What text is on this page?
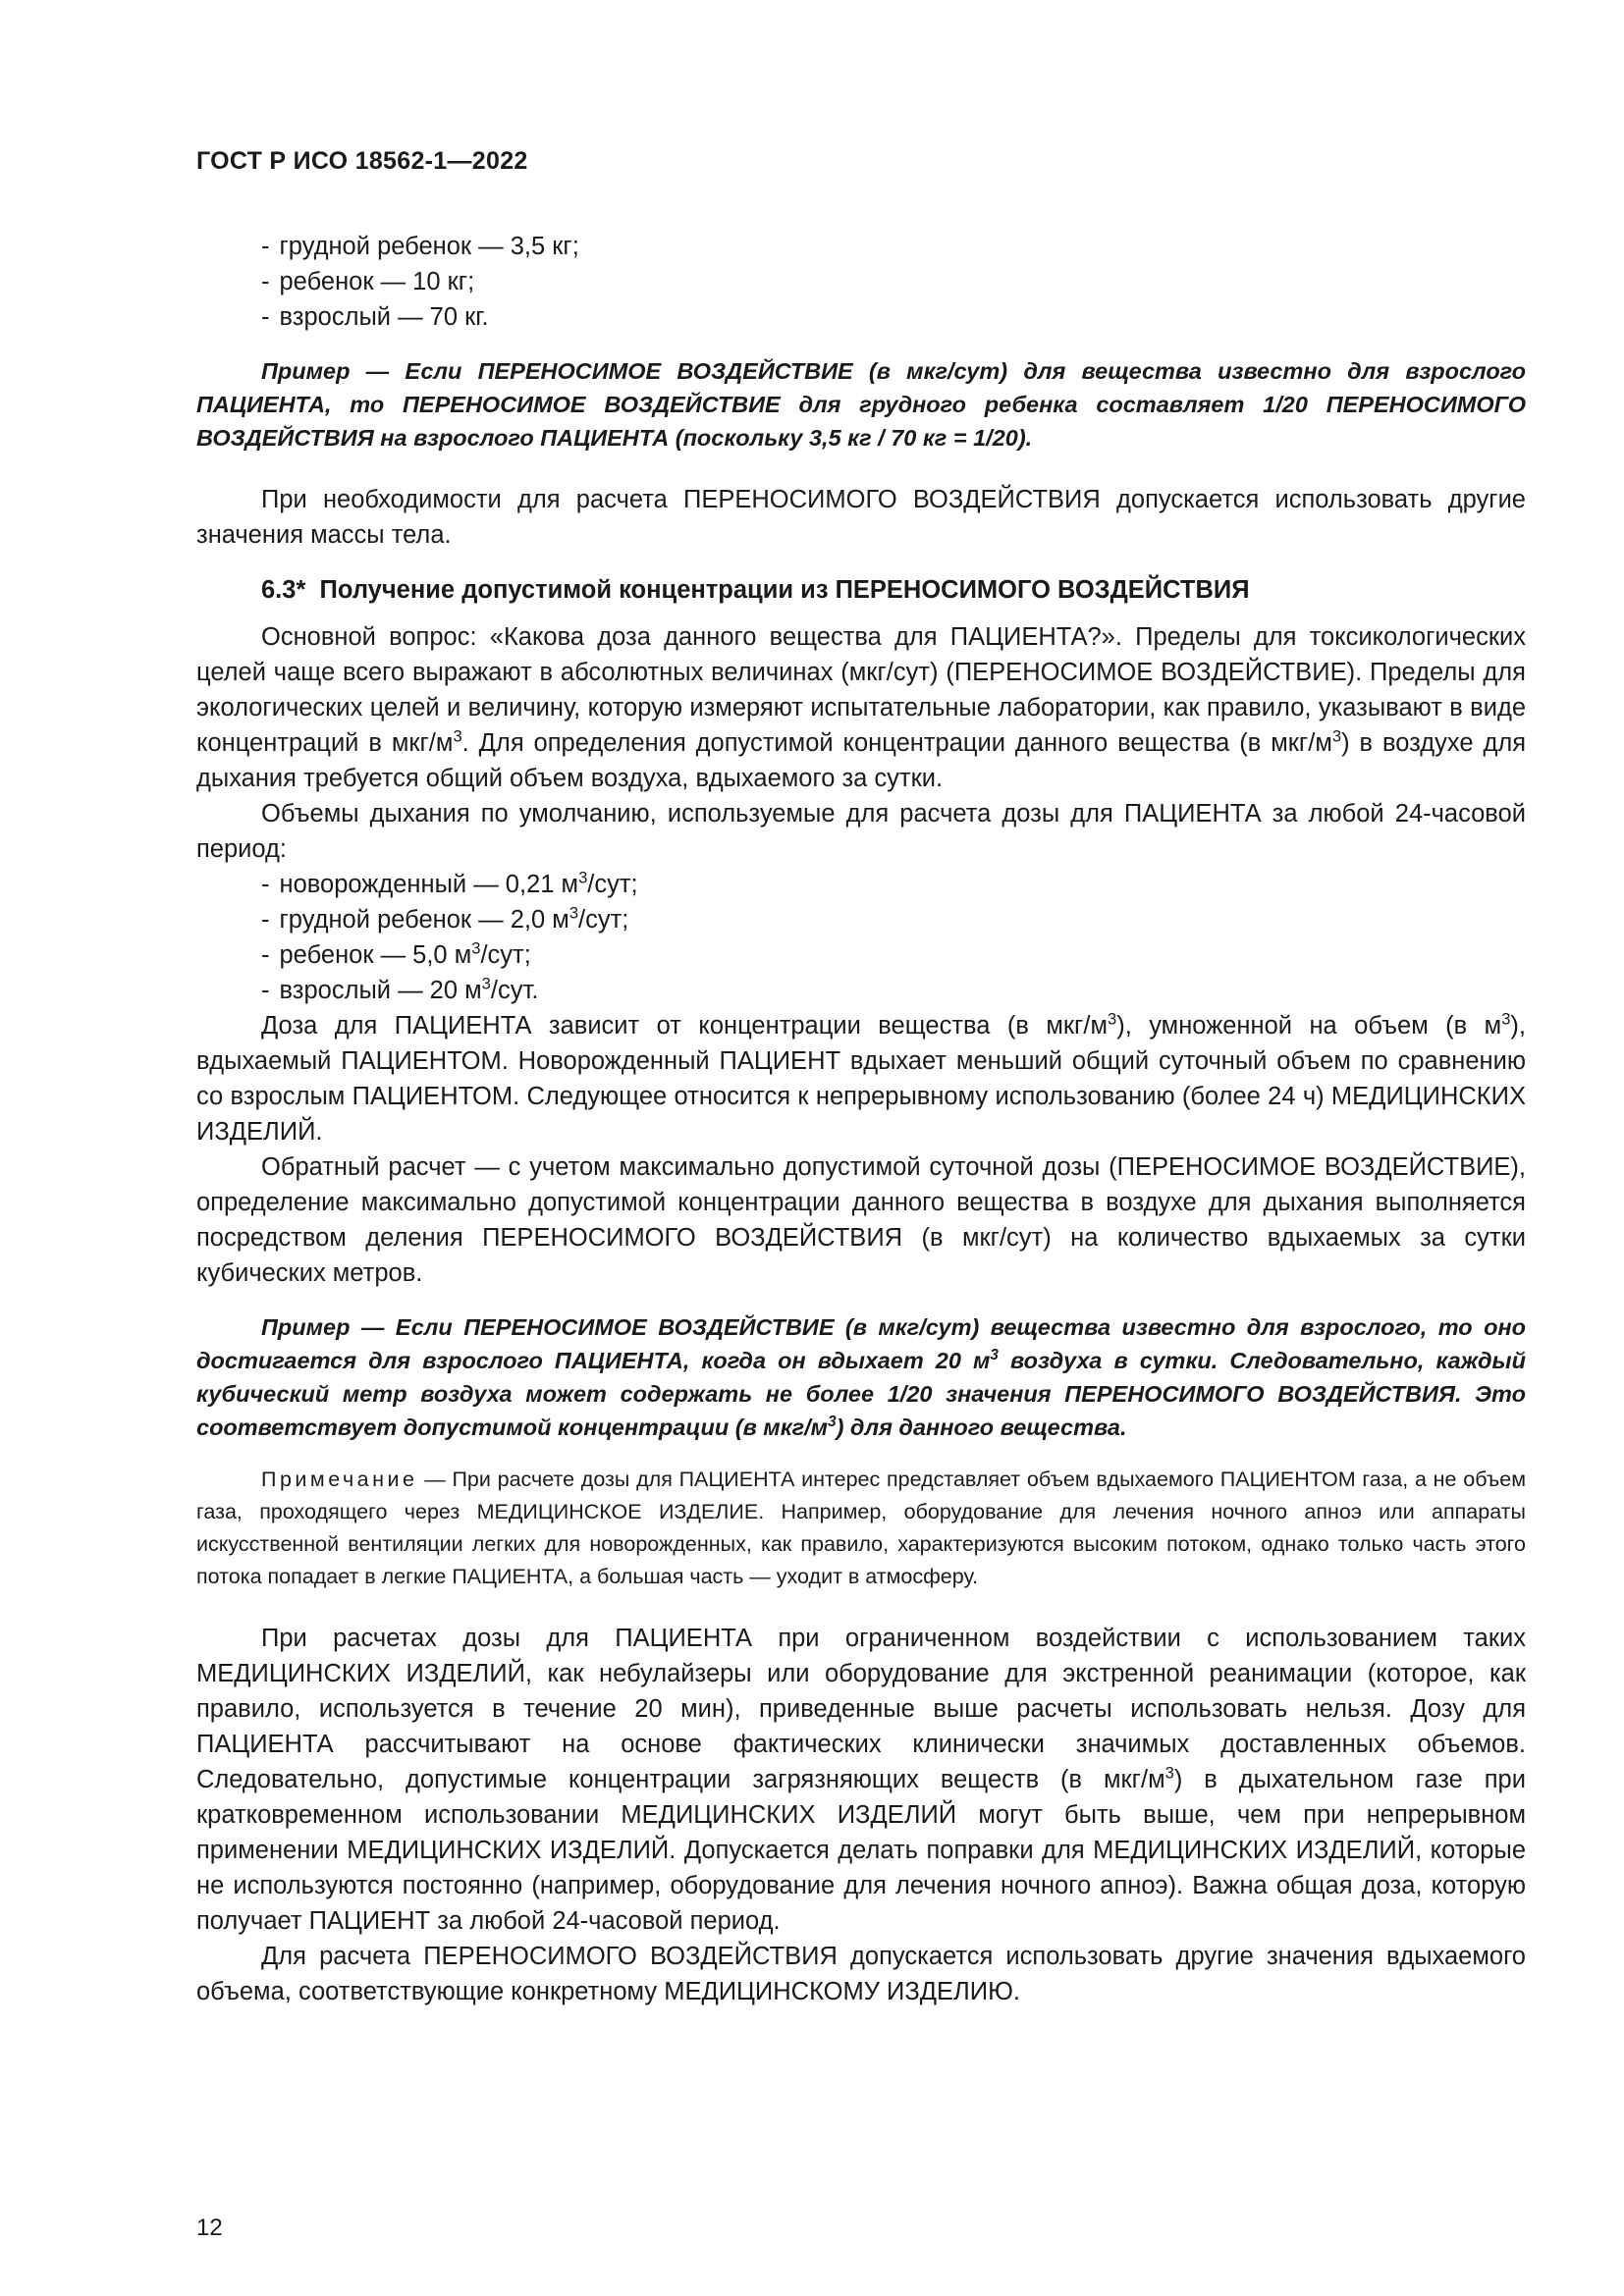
ГОСТ Р ИСО 18562-1—2022
- грудной ребенок — 3,5 кг;
- ребенок — 10 кг;
- взрослый — 70 кг.

Пример — Если ПЕРЕНОСИМОЕ ВОЗДЕЙСТВИЕ (в мкг/сут) для вещества известно для взрослого ПАЦИЕНТА, то ПЕРЕНОСИМОЕ ВОЗДЕЙСТВИЕ для грудного ребенка составляет 1/20 ПЕРЕНОСИМОГО ВОЗДЕЙСТВИЯ на взрослого ПАЦИЕНТА (поскольку 3,5 кг / 70 кг = 1/20).

При необходимости для расчета ПЕРЕНОСИМОГО ВОЗДЕЙСТВИЯ допускается использовать другие значения массы тела.

6.3* Получение допустимой концентрации из ПЕРЕНОСИМОГО ВОЗДЕЙСТВИЯ

Основной вопрос: «Какова доза данного вещества для ПАЦИЕНТА?». Пределы для токсикологических целей чаще всего выражают в абсолютных величинах (мкг/сут) (ПЕРЕНОСИМОЕ ВОЗДЕЙСТВИЕ). Пределы для экологических целей и величину, которую измеряют испытательные лаборатории, как правило, указывают в виде концентраций в мкг/$м^3$. Для определения допустимой концентрации данного вещества (в мкг/$м^3$) в воздухе для дыхания требуется общий объем воздуха, вдыхаемого за сутки.

Объемы дыхания по умолчанию, используемые для расчета дозы для ПАЦИЕНТА за любой 24-часовой период:

- новорожденный — 0,21 $м^3$/сут;
- грудной ребенок — 2,0 $м^3$/сут;
- ребенок — 5,0 $м^3$/сут;
- взрослый — 20 $м^3$/сут.

Доза для ПАЦИЕНТА зависит от концентрации вещества (в мкг/$м^3$), умноженной на объем (в $м^3$), вдыхаемый ПАЦИЕНТОМ. Новорожденный ПАЦИЕНТ вдыхает меньший общий суточный объем по сравнению со взрослым ПАЦИЕНТОМ. Следующее относится к непрерывному использованию (более 24 ч) МЕДИЦИНСКИХ ИЗДЕЛИЙ.

Обратный расчет — с учетом максимально допустимой суточной дозы (ПЕРЕНОСИМОЕ ВОЗДЕЙСТВИЕ), определение максимально допустимой концентрации данного вещества в воздухе для дыхания выполняется посредством деления ПЕРЕНОСИМОГО ВОЗДЕЙСТВИЯ (в мкг/сут) на количество вдыхаемых за сутки кубических метров.

Пример — Если ПЕРЕНОСИМОЕ ВОЗДЕЙСТВИЕ (в мкг/сут) вещества известно для взрослого, то оно достигается для взрослого ПАЦИЕНТА, когда он вдыхает 20 $м^3$ воздуха в сутки. Следовательно, каждый кубический метр воздуха может содержать не более 1/20 значения ПЕРЕНОСИМОГО ВОЗДЕЙСТВИЯ. Это соответствует допустимой концентрации (в мкг/$м^3$) для данного вещества.

Примечание — При расчете дозы для ПАЦИЕНТА интерес представляет объем вдыхаемого ПАЦИЕНТОМ газа, а не объем газа, проходящего через МЕДИЦИНСКОЕ ИЗДЕЛИЕ. Например, оборудование для лечения ночного апноэ или аппараты искусственной вентиляции легких для новорожденных, как правило, характеризуются высоким потоком, однако только часть этого потока попадает в легкие ПАЦИЕНТА, а большая часть — уходит в атмосферу.

При расчетах дозы для ПАЦИЕНТА при ограниченном воздействии с использованием таких МЕДИЦИНСКИХ ИЗДЕЛИЙ, как небулайзеры или оборудование для экстренной реанимации (которое, как правило, используется в течение 20 мин), приведенные выше расчеты использовать нельзя. Дозу для ПАЦИЕНТА рассчитывают на основе фактических клинически значимых доставленных объемов. Следовательно, допустимые концентрации загрязняющих веществ (в мкг/$м^3$) в дыхательном газе при кратковременном использовании МЕДИЦИНСКИХ ИЗДЕЛИЙ могут быть выше, чем при непрерывном применении МЕДИЦИНСКИХ ИЗДЕЛИЙ. Допускается делать поправки для МЕДИЦИНСКИХ ИЗДЕЛИЙ, которые не используются постоянно (например, оборудование для лечения ночного апноэ). Важна общая доза, которую получает ПАЦИЕНТ за любой 24-часовой период.

Для расчета ПЕРЕНОСИМОГО ВОЗДЕЙСТВИЯ допускается использовать другие значения вдыхаемого объема, соответствующие конкретному МЕДИЦИНСКОМУ ИЗДЕЛИЮ.

12
